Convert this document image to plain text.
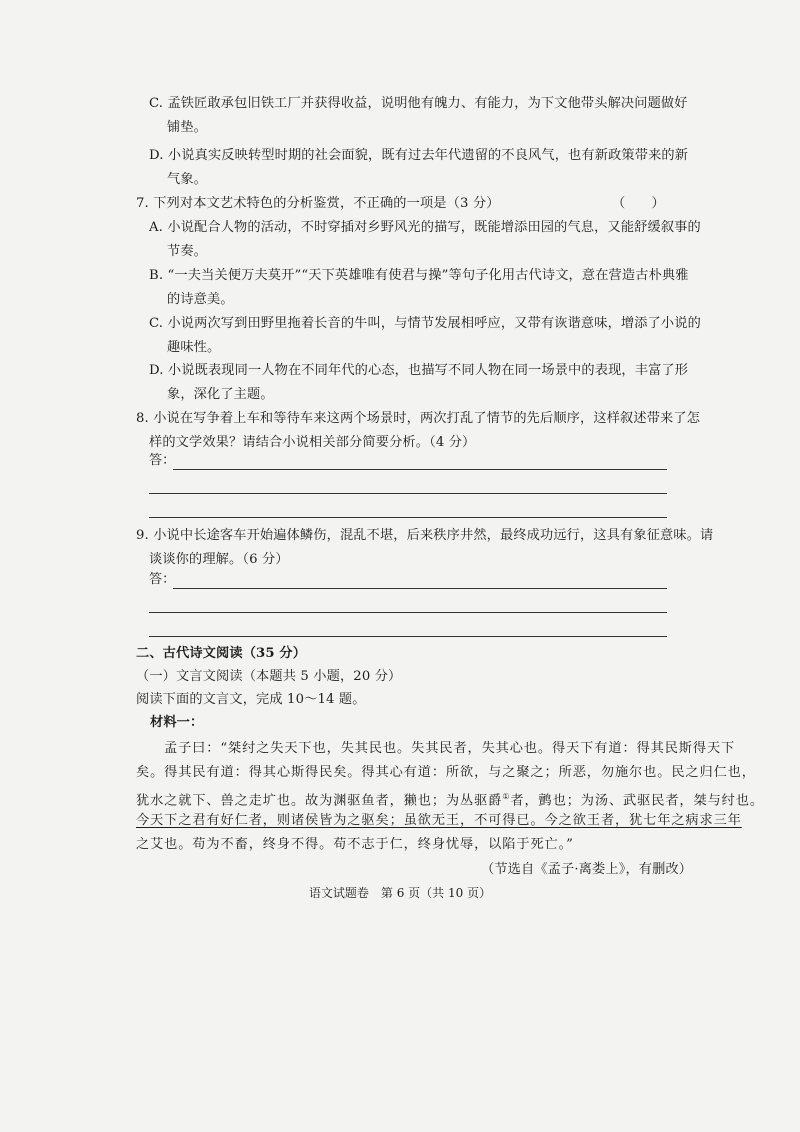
C. 孟铁匠敢承包旧铁工厂并获得收益，说明他有魄力、有能力，为下文他带头解决问题做好
铺垫。
D. 小说真实反映转型时期的社会面貌，既有过去年代遗留的不良风气，也有新政策带来的新
气象。
7. 下列对本文艺术特色的分析鉴赏，不正确的一项是（3 分）	（　　）
A. 小说配合人物的活动，不时穿插对乡野风光的描写，既能增添田园的气息，又能舒缓叙事的
节奏。
B. “一夫当关便万夫莫开”“天下英雄唯有使君与操”等句子化用古代诗文，意在营造古朴典雅
的诗意美。
C. 小说两次写到田野里拖着长音的牛叫，与情节发展相呼应，又带有诙谐意味，增添了小说的
趣味性。
D. 小说既表现同一人物在不同年代的心态，也描写不同人物在同一场景中的表现，丰富了形
象，深化了主题。
8. 小说在写争着上车和等待车来这两个场景时，两次打乱了情节的先后顺序，这样叙述带来了怎
样的文学效果？请结合小说相关部分简要分析。（4 分）
答：
9. 小说中长途客车开始遍体鳞伤，混乱不堪，后来秩序井然，最终成功远行，这具有象征意味。请
谈谈你的理解。（6 分）
答：
二、古代诗文阅读（35 分）
（一）文言文阅读（本题共 5 小题，20 分）
阅读下面的文言文，完成 10～14 题。
材料一：
孟子曰：“桀纣之失天下也，失其民也。失其民者，失其心也。得天下有道：得其民斯得天下
矣。得其民有道：得其心斯得民矣。得其心有道：所欲，与之聚之；所恶，勿施尔也。民之归仁也，
犹水之就下、兽之走圹也。故为渊驱鱼者，獭也；为丛驱爵①者，鹯也；为汤、武驱民者，桀与纣也。
今天下之君有好仁者，则诸侯皆为之驱矣；虽欲无王，不可得已。今之欲王者，犹七年之病求三年
之艾也。苟为不畜，终身不得。苟不志于仁，终身忧辱，以陷于死亡。”
（节选自《孟子·离娄上》，有删改）
语文试题卷　第 6 页（共 10 页）
